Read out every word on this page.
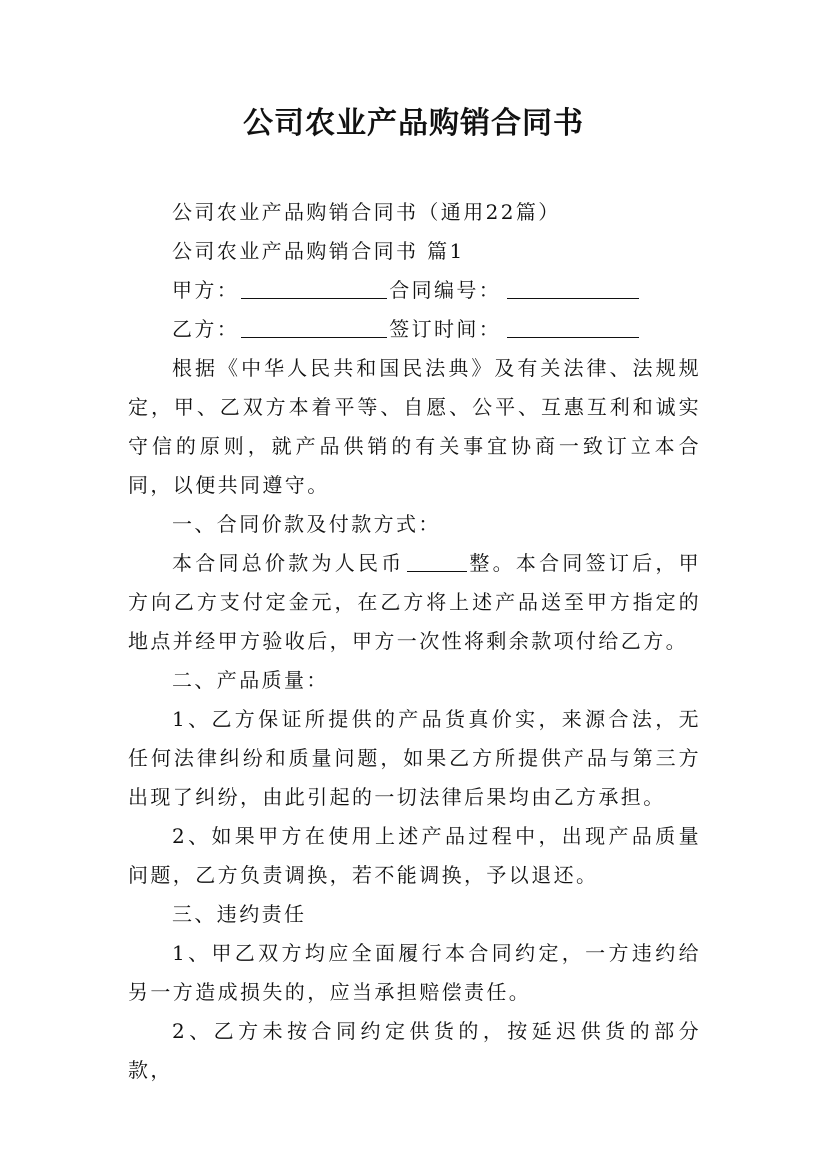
公司农业产品购销合同书

公司农业产品购销合同书（通用22篇）

公司农业产品购销合同书 篇1

甲方：	合同编号：
乙方：	签订时间：

根据《中华人民共和国民法典》及有关法律、法规规定，甲、乙双方本着平等、自愿、公平、互惠互利和诚实守信的原则，就产品供销的有关事宜协商一致订立本合同，以便共同遵守。

一、合同价款及付款方式：

本合同总价款为人民币	整。本合同签订后，甲方向乙方支付定金元，在乙方将上述产品送至甲方指定的地点并经甲方验收后，甲方一次性将剩余款项付给乙方。

二、产品质量：

1、乙方保证所提供的产品货真价实，来源合法，无任何法律纠纷和质量问题，如果乙方所提供产品与第三方出现了纠纷，由此引起的一切法律后果均由乙方承担。

2、如果甲方在使用上述产品过程中，出现产品质量问题，乙方负责调换，若不能调换，予以退还。

三、违约责任

1、甲乙双方均应全面履行本合同约定，一方违约给另一方造成损失的，应当承担赔偿责任。

2、乙方未按合同约定供货的，按延迟供货的部分款，
